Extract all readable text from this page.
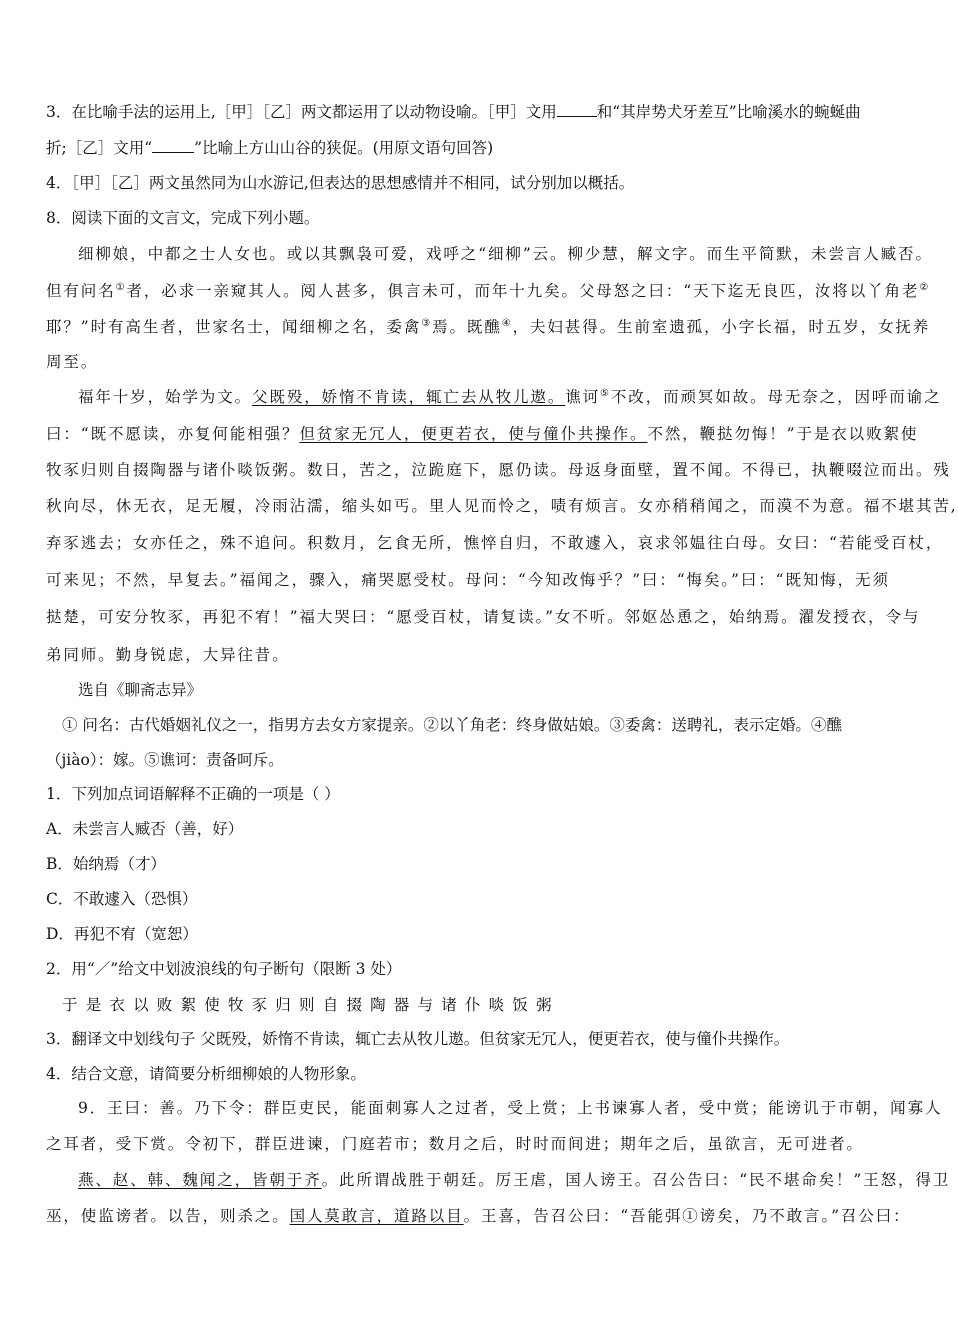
3．在比喻手法的运用上,［甲］［乙］两文都运用了以动物设喻。［甲］文用	和“其岸势犬牙差互”比喻溪水的蜿蜒曲
折;［乙］文用“	”比喻上方山山谷的狭促。(用原文语句回答)
4．［甲］［乙］两文虽然同为山水游记,但表达的思想感情并不相同，试分别加以概括。
8．阅读下面的文言文，完成下列小题。
细柳娘，中都之士人女也。或以其飘袅可爱，戏呼之“细柳”云。柳少慧，解文字。而生平简默，未尝言人臧否。
但有问名①者，必求一亲窥其人。阅人甚多，俱言未可，而年十九矣。父母怒之曰：“天下迄无良匹，汝将以丫角老②
耶？”时有高生者，世家名士，闻细柳之名，委禽③焉。既醮④，夫妇甚得。生前室遗孤，小字长福，时五岁，女抚养
周至。
福年十岁，始学为文。父既殁，娇惰不肯读，辄亡去从牧儿遨。谯诃⑤不改，而顽冥如故。母无奈之，因呼而谕之
曰：“既不愿读，亦复何能相强？但贫家无冗人，便更若衣，使与僮仆共操作。不然，鞭挞勿悔！”于是衣以败絮使
牧豕归则自掇陶器与诸仆啖饭粥。数日，苦之，泣跪庭下，愿仍读。母返身面壁，置不闻。不得已，执鞭啜泣而出。残
秋向尽，休无衣，足无履，冷雨沾濡，缩头如丐。里人见而怜之，啧有烦言。女亦稍稍闻之，而漠不为意。福不堪其苦,
弃豕逃去；女亦任之，殊不追问。积数月，乞食无所，憔悴自归，不敢遽入，哀求邻媪往白母。女曰：“若能受百杖，
可来见；不然，早复去。”福闻之，骤入，痛哭愿受杖。母问：“今知改悔乎？”曰：“悔矣。”曰：“既知悔，无须
挞楚，可安分牧豕，再犯不宥！”福大哭曰：“愿受百杖，请复读。”女不听。邻妪怂恿之，始纳焉。濯发授衣，令与
弟同师。勤身锐虑，大异往昔。
选自《聊斋志异》
① 问名：古代婚姻礼仪之一，指男方去女方家提亲。②以丫角老：终身做姑娘。③委禽：送聘礼，表示定婚。④醮
（jiào）：嫁。⑤谯诃：责备呵斥。
1．下列加点词语解释不正确的一项是（ ）
A．未尝言人臧否（善，好）
B．始纳焉（才）
C．不敢遽入（恐惧）
D．再犯不宥（宽恕）
2．用“／”给文中划波浪线的句子断句（限断 3 处）
于是衣以败絮使牧豕归则自掇陶器与诸仆啖饭粥
3．翻译文中划线句子 父既殁，娇惰不肯读，辄亡去从牧儿遨。但贫家无冗人，便更若衣，使与僮仆共操作。
4．结合文意，请简要分析细柳娘的人物形象。
9．王曰：善。乃下令：群臣吏民，能面刺寡人之过者，受上赏；上书谏寡人者，受中赏；能谤讥于市朝，闻寡人
之耳者，受下赏。令初下，群臣进谏，门庭若市；数月之后，时时而间进；期年之后，虽欲言，无可进者。
燕、赵、韩、魏闻之，皆朝于齐。此所谓战胜于朝廷。厉王虐，国人谤王。召公告曰：“民不堪命矣！”王怒，得卫
巫，使监谤者。以告，则杀之。国人莫敢言，道路以目。王喜，告召公曰：“吾能弭①谤矣，乃不敢言。”召公曰：
